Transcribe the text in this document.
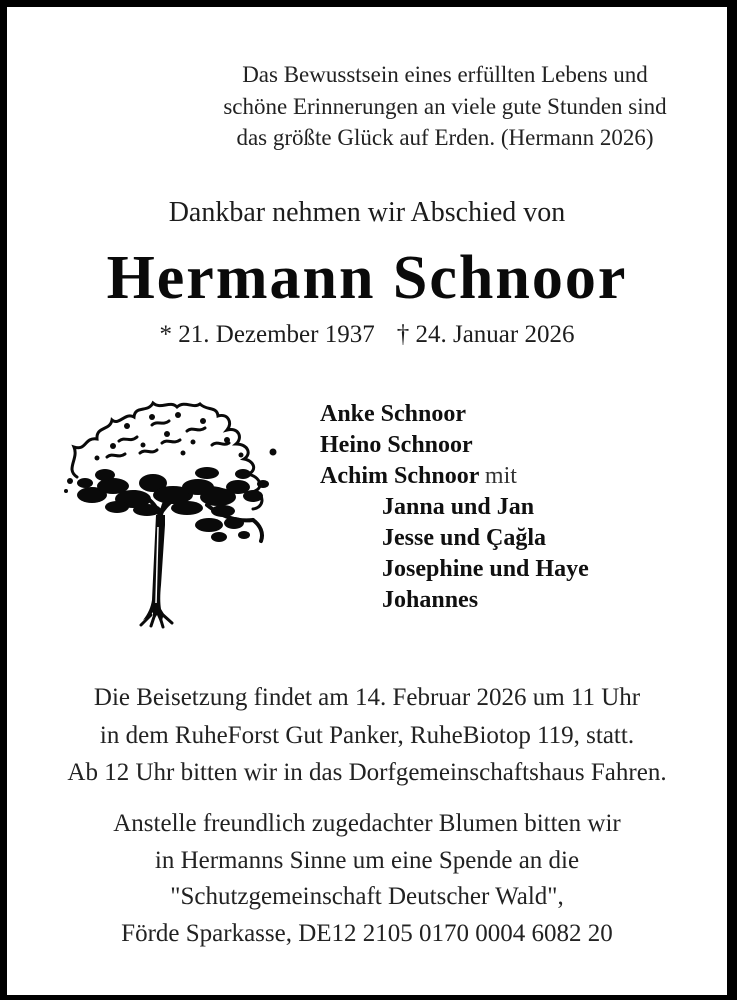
Das Bewusstsein eines erfüllten Lebens und
schöne Erinnerungen an viele gute Stunden sind
das größte Glück auf Erden. (Hermann 2026)
Dankbar nehmen wir Abschied von
Hermann Schnoor
* 21. Dezember 1937 † 24. Januar 2026
Anke Schnoor
Heino Schnoor
Achim Schnoor mit
Janna und Jan
Jesse und Çağla
Josephine und Haye
Johannes
Die Beisetzung findet am 14. Februar 2026 um 11 Uhr
in dem RuheForst Gut Panker, RuheBiotop 119, statt.
Ab 12 Uhr bitten wir in das Dorfgemeinschaftshaus Fahren.
Anstelle freundlich zugedachter Blumen bitten wir
in Hermanns Sinne um eine Spende an die
"Schutzgemeinschaft Deutscher Wald",
Förde Sparkasse, DE12 2105 0170 0004 6082 20
